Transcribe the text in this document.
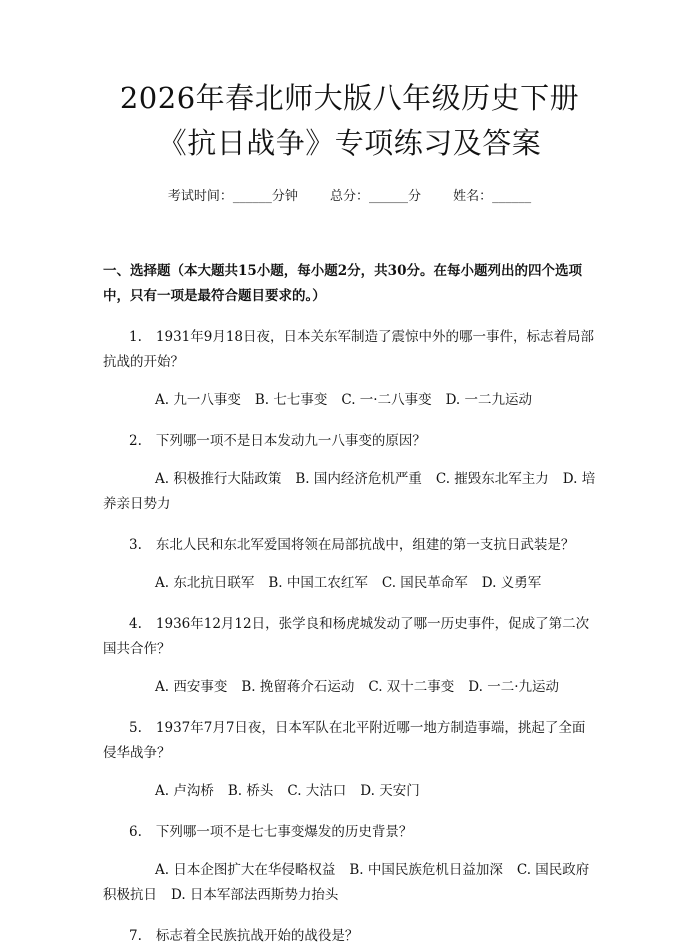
2026年春北师大版八年级历史下册《抗日战争》专项练习及答案
考试时间：______分钟 总分：______分 姓名：______
一、选择题（本大题共15小题，每小题2分，共30分。在每小题列出的四个选项中，只有一项是最符合题目要求的。）
1. 1931年9月18日夜，日本关东军制造了震惊中外的哪一事件，标志着局部抗战的开始？
A. 九一八事变 B. 七七事变 C. 一·二八事变 D. 一二九运动
2. 下列哪一项不是日本发动九一八事变的原因？
A. 积极推行大陆政策 B. 国内经济危机严重 C. 摧毁东北军主力 D. 培养亲日势力
3. 东北人民和东北军爱国将领在局部抗战中，组建的第一支抗日武装是？
A. 东北抗日联军 B. 中国工农红军 C. 国民革命军 D. 义勇军
4. 1936年12月12日，张学良和杨虎城发动了哪一历史事件，促成了第二次国共合作？
A. 西安事变 B. 挽留蒋介石运动 C. 双十二事变 D. 一二·九运动
5. 1937年7月7日夜，日本军队在北平附近哪一地方制造事端，挑起了全面侵华战争？
A. 卢沟桥 B. 桥头 C. 大沽口 D. 天安门
6. 下列哪一项不是七七事变爆发的历史背景？
A. 日本企图扩大在华侵略权益 B. 中国民族危机日益加深 C. 国民政府积极抗日 D. 日本军部法西斯势力抬头
7. 标志着全民族抗战开始的战役是？
